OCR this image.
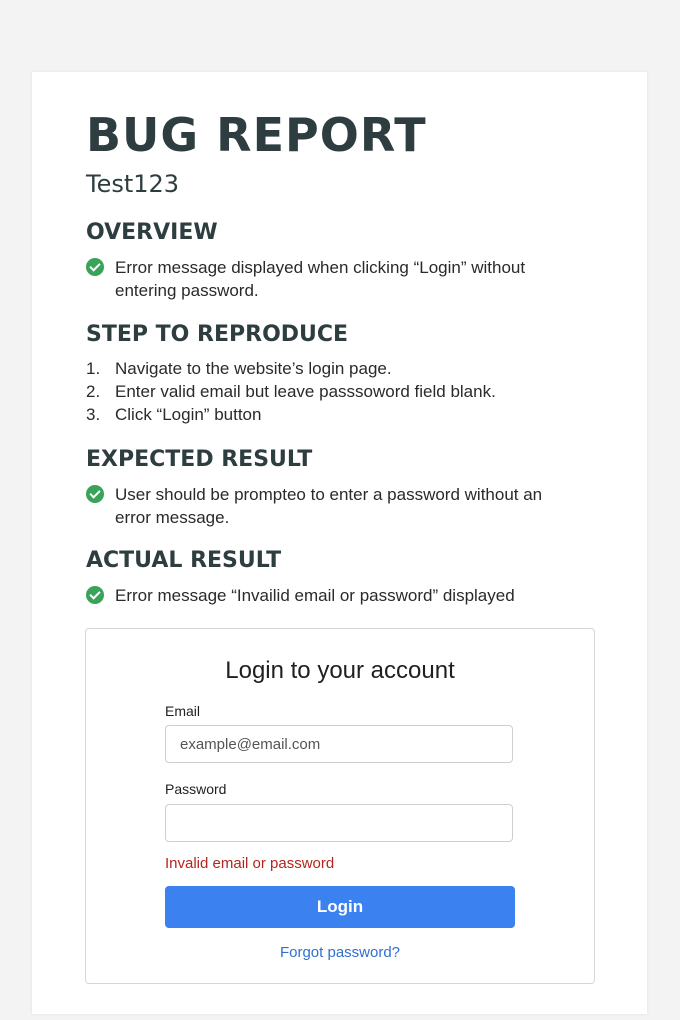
BUG REPORT
Test123
OVERVIEW
Error message displayed when clicking “Login” without entering password.
STEP TO REPRODUCE
1. Navigate to the website’s login page.
2. Enter valid email but leave passsoword field blank.
3. Click “Login” button
EXPECTED RESULT
User should be prompteo to enter a password without an error message.
ACTUAL RESULT
Error message “Invailid email or password” displayed
Login to your account
Email
example@email.com
Password
Invalid email or password
Login
Forgot password?
